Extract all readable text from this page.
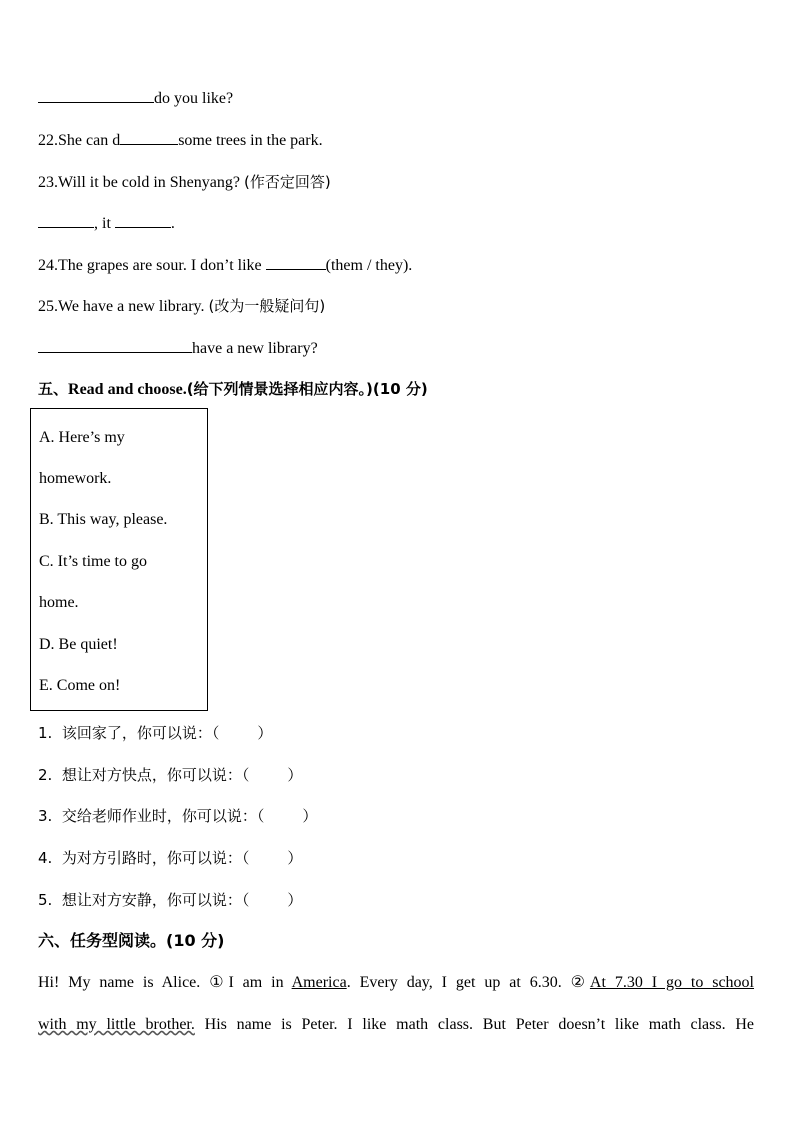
do you like?
22.She can d	some trees in the park.
23.Will it be cold in Shenyang? (作否定回答)
, it	.
24.The grapes are sour. I don’t like	(them / they).
25.We have a new library. (改为一般疑问句)
have a new library?
五、Read and choose.(给下列情景选择相应内容。)(10 分)
A. Here’s my
homework.
B. This way, please.
C. It’s time to go
home.
D. Be quiet!
E. Come on!
1. 该回家了，你可以说：（	）
2. 想让对方快点，你可以说：（	）
3. 交给老师作业时，你可以说：（	）
4. 为对方引路时，你可以说：（	）
5. 想让对方安静，你可以说：（	）
六、任务型阅读。(10 分)
Hi! My name is Alice. ①I am in America. Every day, I get up at 6.30. ②At 7.30 I go to school
with my little brother. His name is Peter. I like math class. But Peter doesn’t like math class. He
